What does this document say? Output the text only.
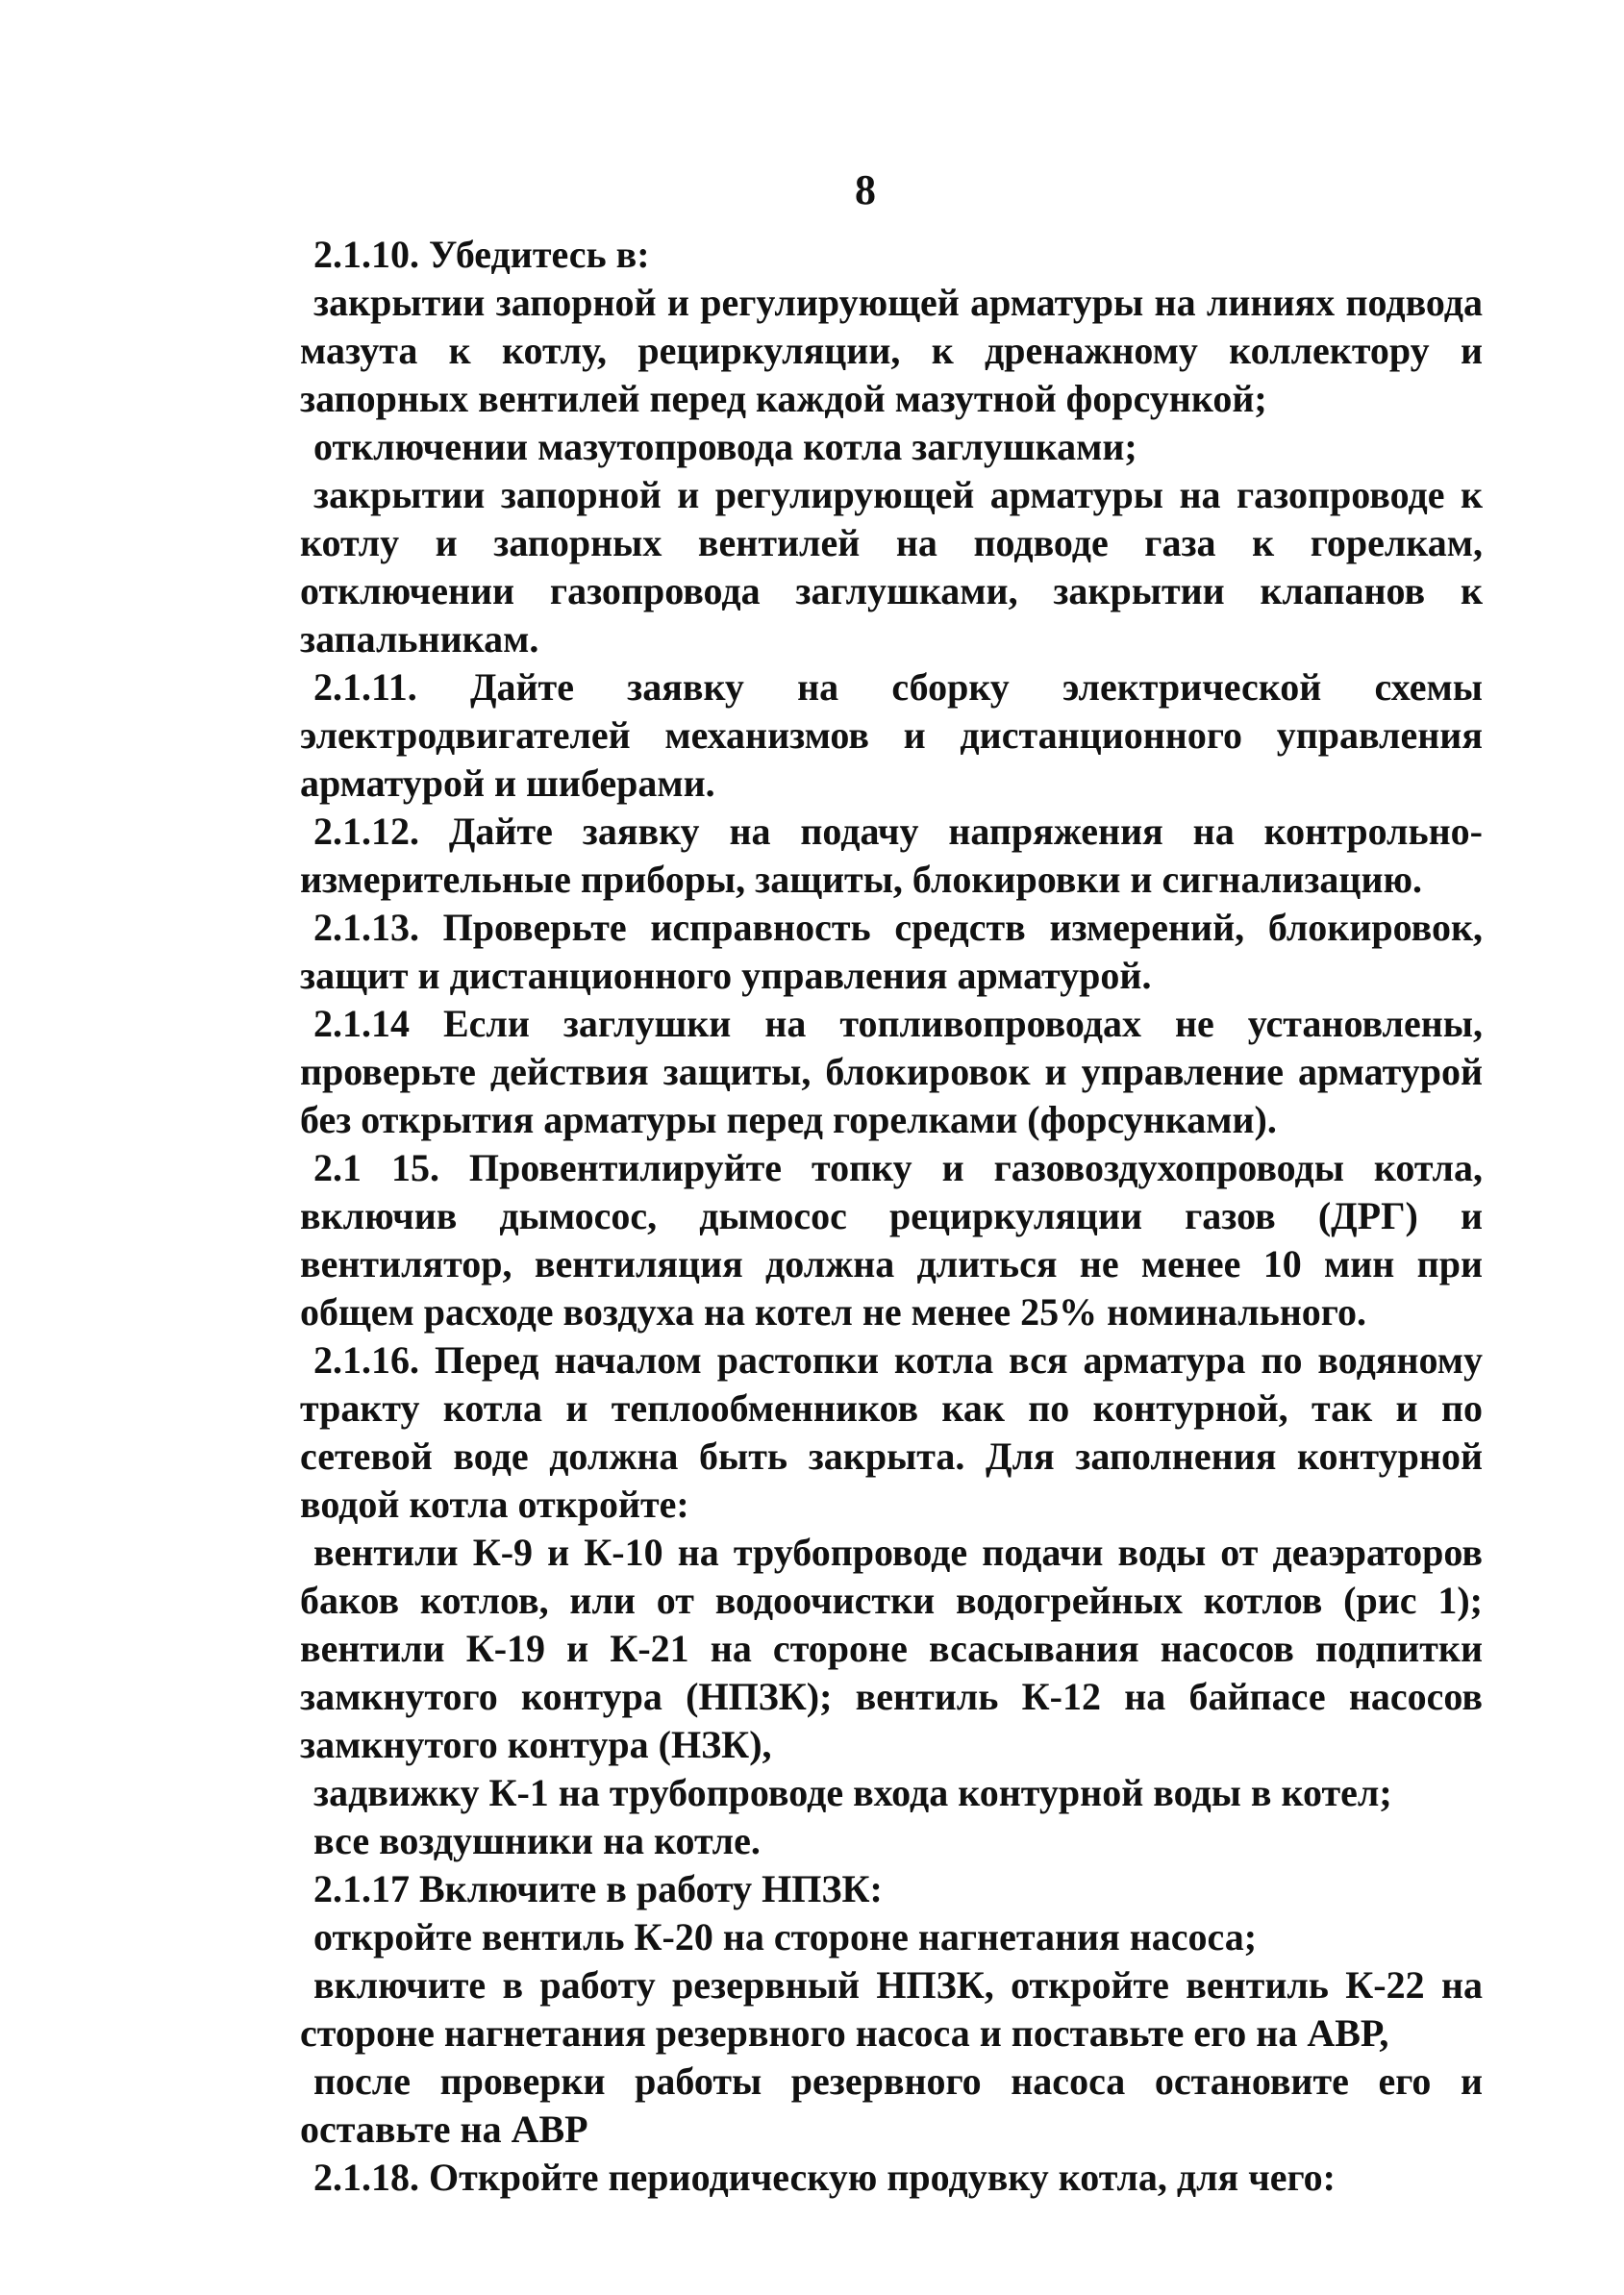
8

2.1.10. Убедитесь в:

закрытии запорной и регулирующей арматуры на линиях подвода мазута к котлу, рециркуляции, к дренажному коллектору и запорных вентилей перед каждой мазутной форсункой;

отключении мазутопровода котла заглушками;

закрытии запорной и регулирующей арматуры на газопроводе к котлу и запорных вентилей на подводе газа к горелкам, отключении газопровода заглушками, закрытии клапанов к запальникам.

2.1.11. Дайте заявку на сборку электрической схемы электродвигателей механизмов и дистанционного управления арматурой и шиберами.

2.1.12. Дайте заявку на подачу напряжения на контрольно-измерительные приборы, защиты, блокировки и сигнализацию.

2.1.13. Проверьте исправность средств измерений, блокировок, защит и дистанционного управления арматурой.

2.1.14 Если заглушки на топливопроводах не установлены, проверьте действия защиты, блокировок и управление арматурой без открытия арматуры перед горелками (форсунками).

2.1 15. Провентилируйте топку и газовоздухопроводы котла, включив дымосос, дымосос рециркуляции газов (ДРГ) и вентилятор, вентиляция должна длиться не менее 10 мин при общем расходе воздуха на котел не менее 25% номинального.

2.1.16. Перед началом растопки котла вся арматура по водяному тракту котла и теплообменников как по контурной, так и по сетевой воде должна быть закрыта. Для заполнения контурной водой котла откройте:

вентили К-9 и К-10 на трубопроводе подачи воды от деаэраторов баков котлов, или от водоочистки водогрейных котлов (рис 1); вентили К-19 и К-21 на стороне всасывания насосов подпитки замкнутого контура (НПЗК); вентиль К-12 на байпасе насосов замкнутого контура (НЗК),

задвижку К-1 на трубопроводе входа контурной воды в котел;

все воздушники на котле.

2.1.17 Включите в работу НПЗК:

откройте вентиль К-20 на стороне нагнетания насоса;

включите в работу резервный НПЗК, откройте вентиль К-22 на стороне нагнетания резервного насоса и поставьте его на АВР,

после проверки работы резервного насоса остановите его и оставьте на АВР

2.1.18. Откройте периодическую продувку котла, для чего:
